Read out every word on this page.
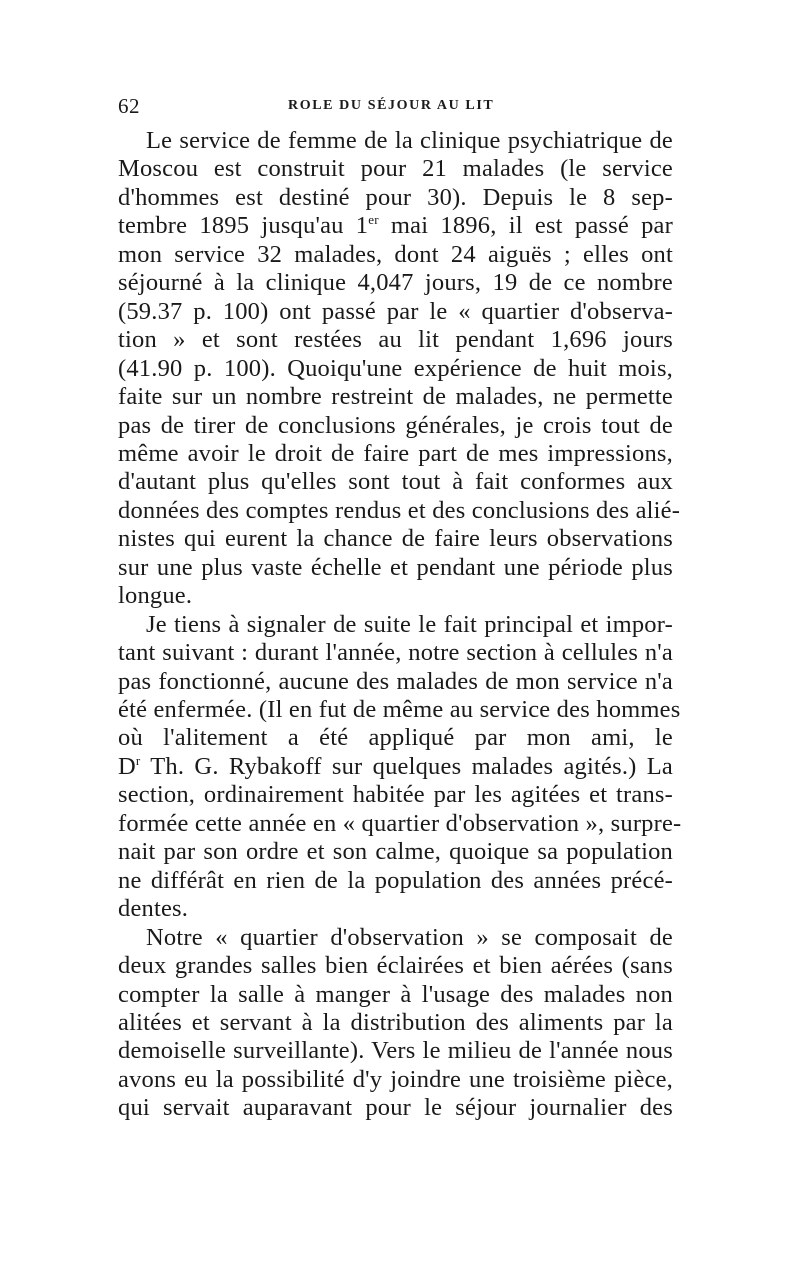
62	ROLE DU SÉJOUR AU LIT
Le service de femme de la clinique psychiatrique de
Moscou est construit pour 21 malades (le service
d'hommes est destiné pour 30). Depuis le 8 sep-
tembre 1895 jusqu'au 1er mai 1896, il est passé par
mon service 32 malades, dont 24 aiguës ; elles ont
séjourné à la clinique 4,047 jours, 19 de ce nombre
(59.37 p. 100) ont passé par le « quartier d'observa-
tion » et sont restées au lit pendant 1,696 jours
(41.90 p. 100). Quoiqu'une expérience de huit mois,
faite sur un nombre restreint de malades, ne permette
pas de tirer de conclusions générales, je crois tout de
même avoir le droit de faire part de mes impressions,
d'autant plus qu'elles sont tout à fait conformes aux
données des comptes rendus et des conclusions des alié-
nistes qui eurent la chance de faire leurs observations
sur une plus vaste échelle et pendant une période plus
longue.
Je tiens à signaler de suite le fait principal et impor-
tant suivant : durant l'année, notre section à cellules n'a
pas fonctionné, aucune des malades de mon service n'a
été enfermée. (Il en fut de même au service des hommes
où l'alitement a été appliqué par mon ami, le
$D^r$ Th. G. Rybakoff sur quelques malades agités.) La
section, ordinairement habitée par les agitées et trans-
formée cette année en « quartier d'observation », surpre-
nait par son ordre et son calme, quoique sa population
ne différât en rien de la population des années précé-
dentes.
Notre « quartier d'observation » se composait de
deux grandes salles bien éclairées et bien aérées (sans
compter la salle à manger à l'usage des malades non
alitées et servant à la distribution des aliments par la
demoiselle surveillante). Vers le milieu de l'année nous
avons eu la possibilité d'y joindre une troisième pièce,
qui servait auparavant pour le séjour journalier des
